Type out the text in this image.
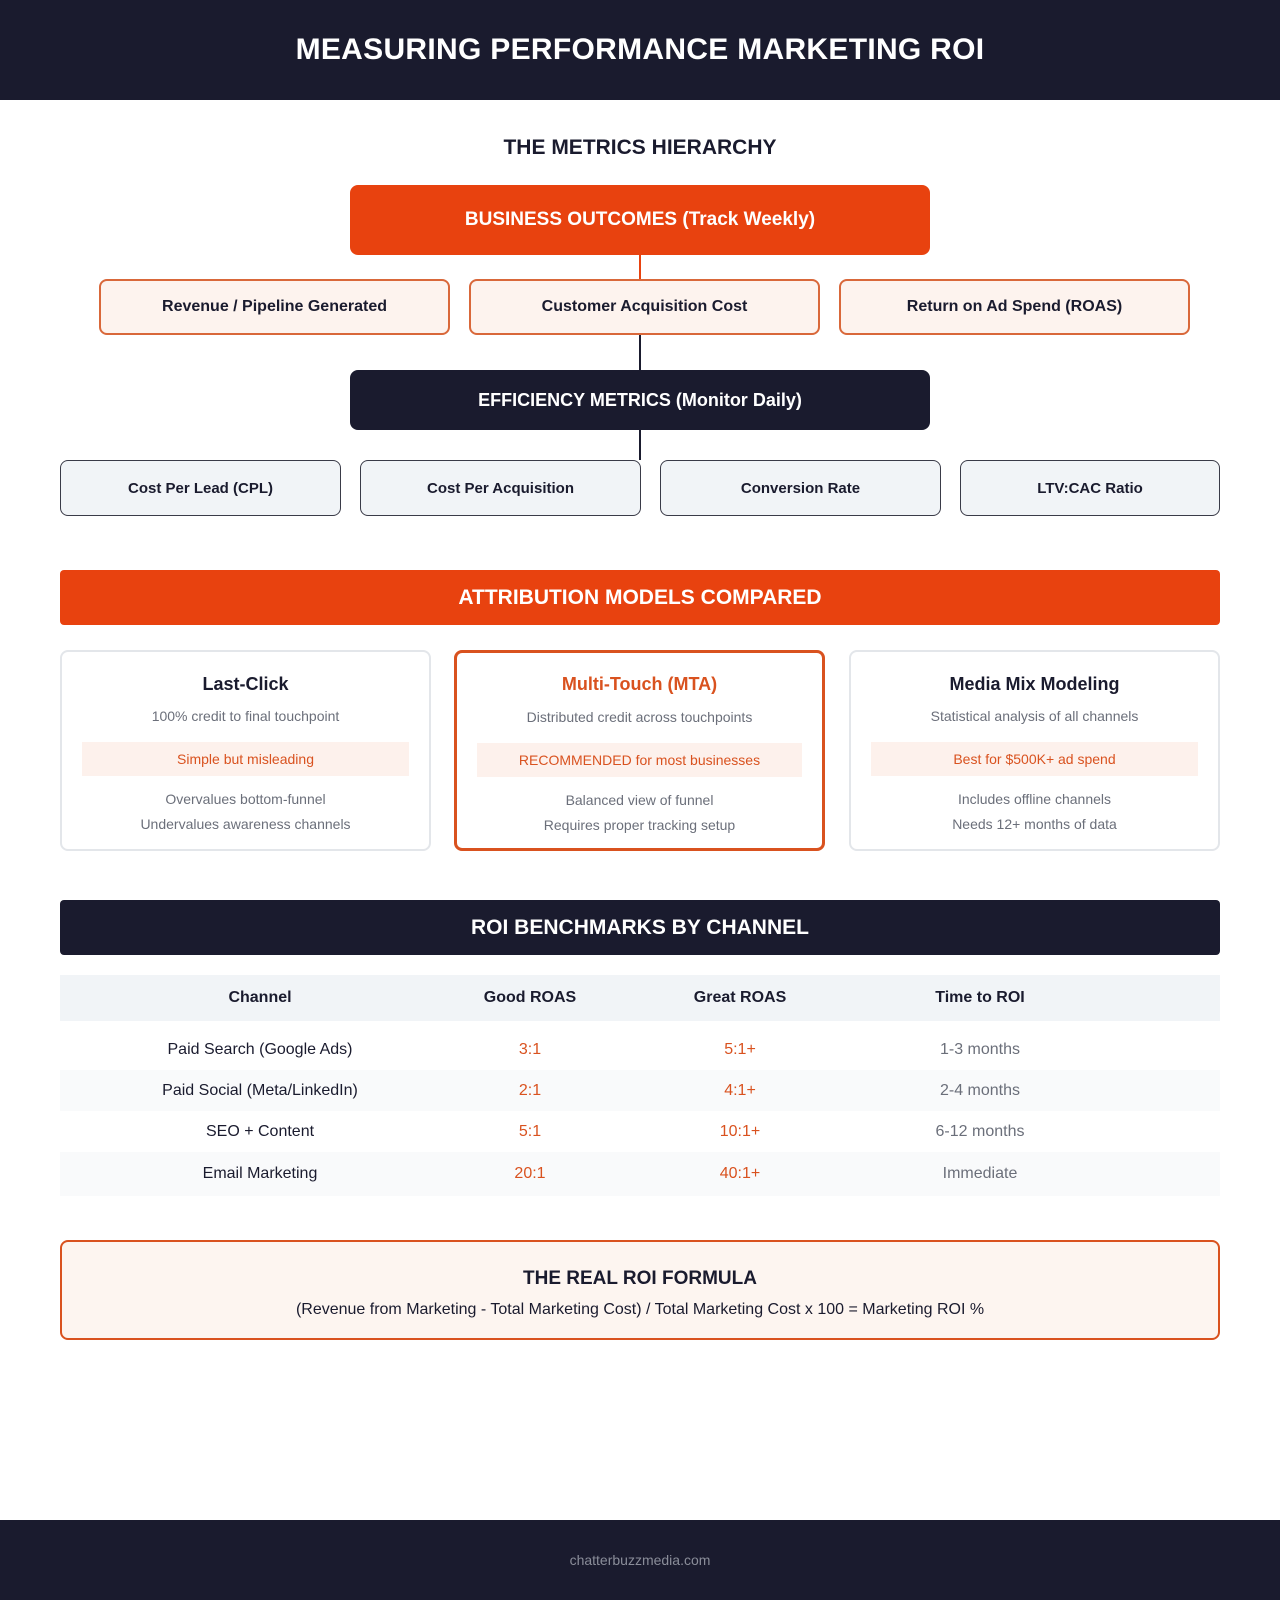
MEASURING PERFORMANCE MARKETING ROI
THE METRICS HIERARCHY
BUSINESS OUTCOMES (Track Weekly)
Revenue / Pipeline Generated	Customer Acquisition Cost	Return on Ad Spend (ROAS)
EFFICIENCY METRICS (Monitor Daily)
Cost Per Lead (CPL)	Cost Per Acquisition	Conversion Rate	LTV:CAC Ratio
ATTRIBUTION MODELS COMPARED
Last-Click
100% credit to final touchpoint
Simple but misleading
Overvalues bottom-funnel
Undervalues awareness channels
Multi-Touch (MTA)
Distributed credit across touchpoints
RECOMMENDED for most businesses
Balanced view of funnel
Requires proper tracking setup
Media Mix Modeling
Statistical analysis of all channels
Best for $500K+ ad spend
Includes offline channels
Needs 12+ months of data
ROI BENCHMARKS BY CHANNEL
Channel	Good ROAS	Great ROAS	Time to ROI
Paid Search (Google Ads)	3:1	5:1+	1-3 months
Paid Social (Meta/LinkedIn)	2:1	4:1+	2-4 months
SEO + Content	5:1	10:1+	6-12 months
Email Marketing	20:1	40:1+	Immediate
THE REAL ROI FORMULA
(Revenue from Marketing - Total Marketing Cost) / Total Marketing Cost x 100 = Marketing ROI %
chatterbuzzmedia.com
